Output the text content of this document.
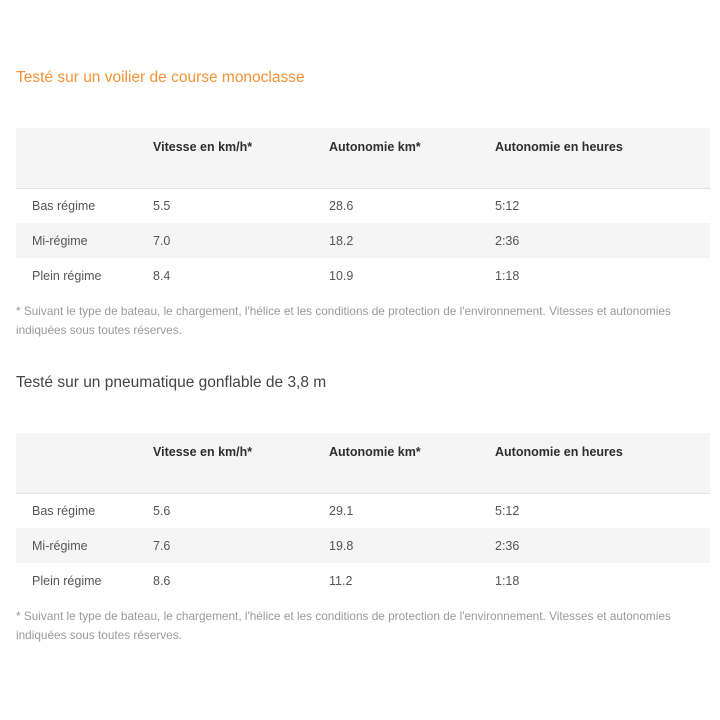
Testé sur un voilier de course monoclasse
	Vitesse en km/h*	Autonomie km*	Autonomie en heures
Bas régime	5.5	28.6	5:12
Mi-régime	7.0	18.2	2:36
Plein régime	8.4	10.9	1:18

* Suivant le type de bateau, le chargement, l'hélice et les conditions de protection de l'environnement. Vitesses et autonomies indiquées sous toutes réserves.

Testé sur un pneumatique gonflable de 3,8 m
	Vitesse en km/h*	Autonomie km*	Autonomie en heures
Bas régime	5.6	29.1	5:12
Mi-régime	7.6	19.8	2:36
Plein régime	8.6	11.2	1:18

* Suivant le type de bateau, le chargement, l'hélice et les conditions de protection de l'environnement. Vitesses et autonomies indiquées sous toutes réserves.
